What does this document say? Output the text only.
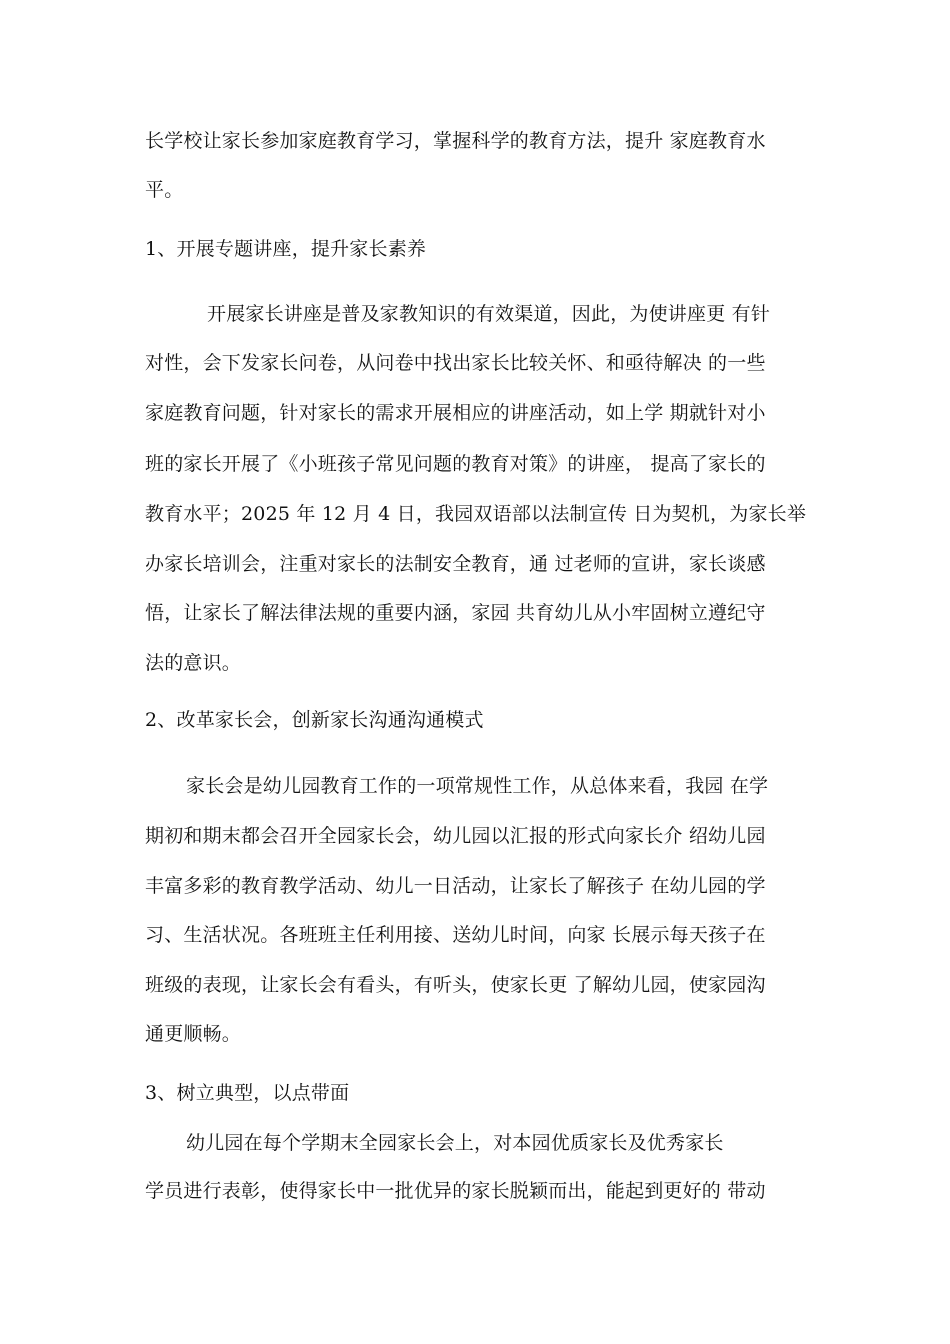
长学校让家长参加家庭教育学习，掌握科学的教育方法，提升 家庭教育水
平。
1、开展专题讲座，提升家长素养
开展家长讲座是普及家教知识的有效渠道，因此，为使讲座更 有针
对性，会下发家长问卷，从问卷中找出家长比较关怀、和亟待解决 的一些
家庭教育问题，针对家长的需求开展相应的讲座活动，如上学 期就针对小
班的家长开展了《小班孩子常见问题的教育对策》的讲座， 提高了家长的
教育水平；2025 年 12 月 4 日，我园双语部以法制宣传 日为契机，为家长举
办家长培训会，注重对家长的法制安全教育，通 过老师的宣讲，家长谈感
悟，让家长了解法律法规的重要内涵，家园 共育幼儿从小牢固树立遵纪守
法的意识。
2、改革家长会，创新家长沟通沟通模式
家长会是幼儿园教育工作的一项常规性工作，从总体来看，我园 在学
期初和期末都会召开全园家长会，幼儿园以汇报的形式向家长介 绍幼儿园
丰富多彩的教育教学活动、幼儿一日活动，让家长了解孩子 在幼儿园的学
习、生活状况。各班班主任利用接、送幼儿时间，向家 长展示每天孩子在
班级的表现，让家长会有看头，有听头，使家长更 了解幼儿园，使家园沟
通更顺畅。
3、树立典型，以点带面
幼儿园在每个学期末全园家长会上，对本园优质家长及优秀家长
学员进行表彰，使得家长中一批优异的家长脱颖而出，能起到更好的 带动
